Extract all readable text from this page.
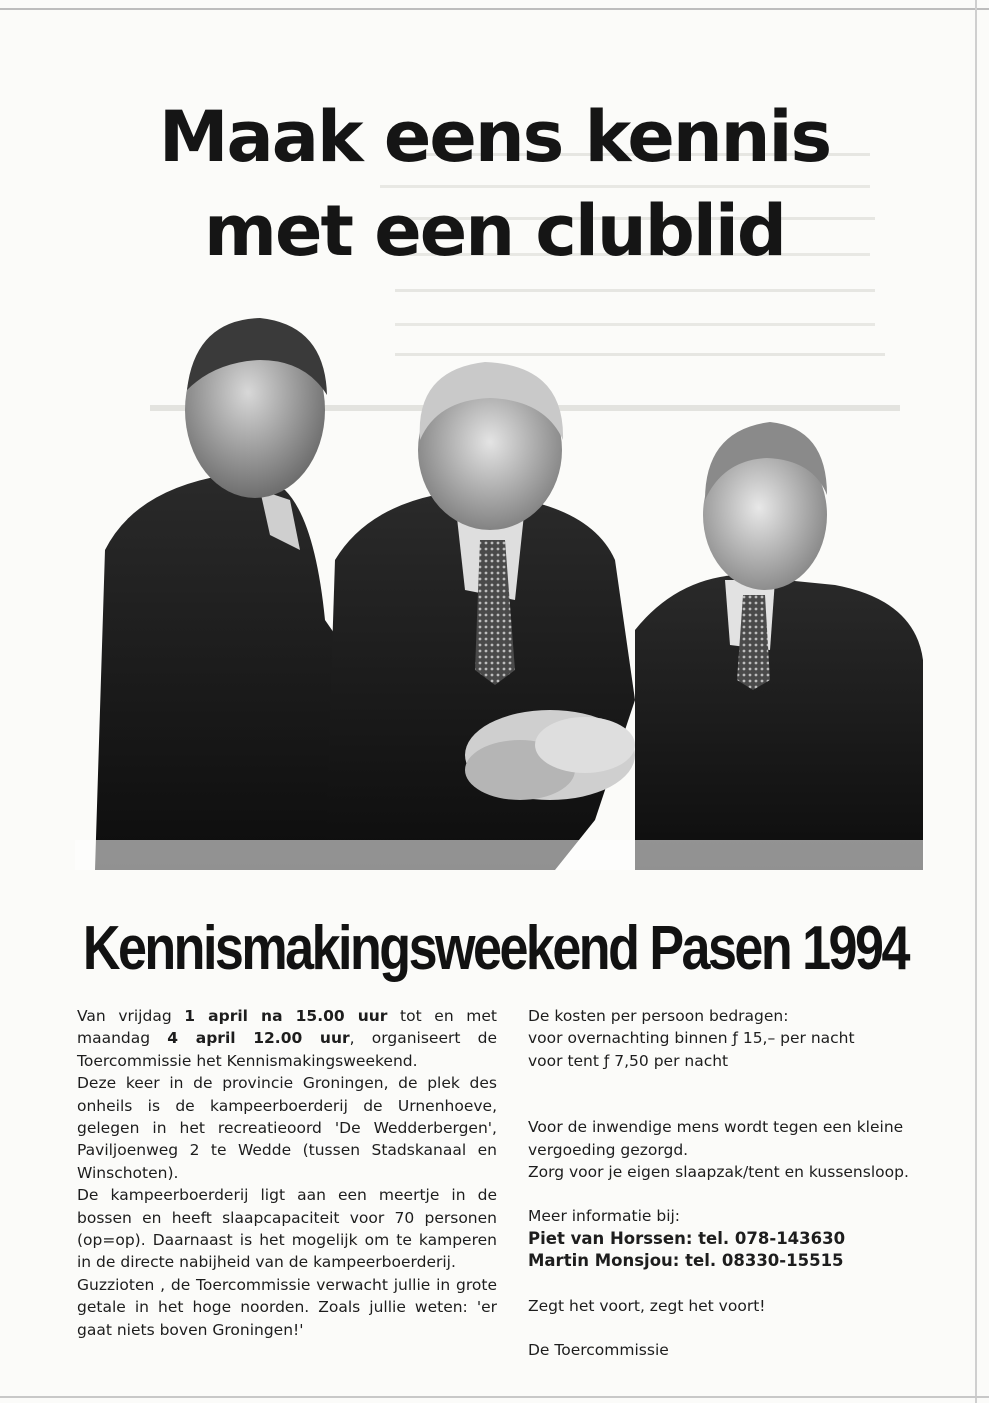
Maak eens kennis
met een clublid
Kennismakingsweekend Pasen 1994

Van vrijdag 1 april na 15.00 uur tot en met maandag 4 april 12.00 uur, organiseert de Toercommissie het Kennismakingsweekend.

Deze keer in de provincie Groningen, de plek des onheils is de kampeerboerderij de Urnenhoeve, gelegen in het recreatieoord 'De Wedderbergen', Paviljoenweg 2 te Wedde (tussen Stadskanaal en Winschoten).

De kampeerboerderij ligt aan een meertje in de bossen en heeft slaapcapaciteit voor 70 personen (op=op). Daarnaast is het mogelijk om te kamperen in de directe nabijheid van de kampeerboerderij.

Guzzioten , de Toercommissie verwacht jullie in grote getale in het hoge noorden. Zoals jullie weten: 'er gaat niets boven Groningen!'

De kosten per persoon bedragen:

voor overnachting binnen ƒ 15,– per nacht

voor tent ƒ 7,50 per nacht

Voor de inwendige mens wordt tegen een kleine vergoeding gezorgd.

Zorg voor je eigen slaapzak/tent en kussensloop.

Meer informatie bij:

Piet van Horssen: tel. 078-143630

Martin Monsjou: tel. 08330-15515

Zegt het voort, zegt het voort!

De Toercommissie
